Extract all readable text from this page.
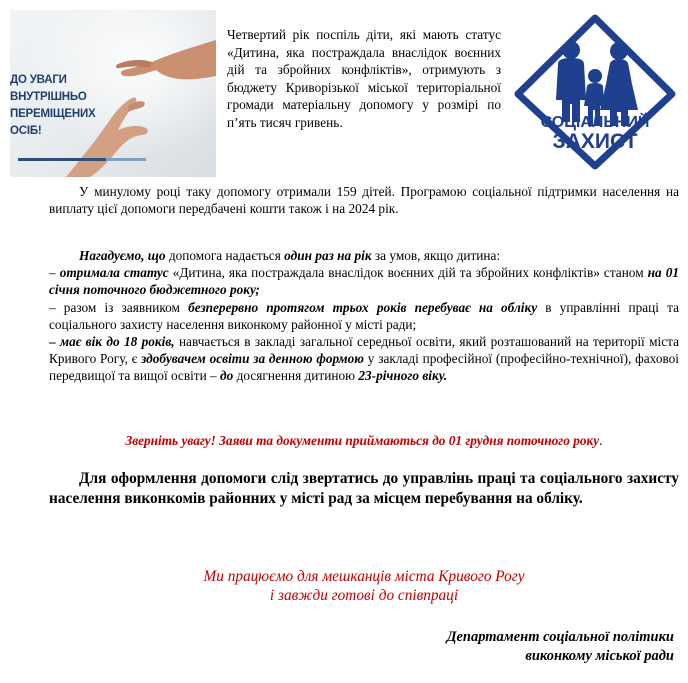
ДО УВАГИ
ВНУТРІШНЬО
ПЕРЕМІЩЕНИХ ОСІБ!
Четвертий рік поспіль діти, які мають статус «Дитина, яка постраждала внаслідок воєнних дій та збройних конфліктів», отримують з бюджету Криворізької міської територіальної громади матеріальну допомогу у розмірі по п’ять тисяч гривень.	СОЦІАЛЬНИЙ
ЗАХИСТ
У минулому році таку допомогу отримали 159 дітей. Програмою соціальної підтримки населення на виплату цієї допомоги передбачені кошти також і на 2024 рік.
Нагадуємо, що допомога надається один раз на рік за умов, якщо дитина:
– отримала статус «Дитина, яка постраждала внаслідок воєнних дій та збройних конфліктів» станом на 01 січня поточного бюджетного року;
– разом із заявником безперервно протягом трьох років перебуває на обліку в управлінні праці та соціального захисту населення виконкому районної у місті ради;
– має вік до 18 років, навчається в закладі загальної середньої освіти, який розташований на території міста Кривого Рогу, є здобувачем освіти за денною формою у закладі професійної (професійно-технічної), фаховоі передвищої та вищої освіти – до досягнення дитиною 23-річного віку.
Зверніть увагу! Заяви та документи приймаються до 01 грудня поточного року.
Для оформлення допомоги слід звертатись до управлінь праці та соціального захисту населення виконкомів районних у місті рад за місцем перебування на обліку.
Ми працюємо для мешканців міста Кривого Рогу
і завжди готові до співпраці
Департамент соціальної політики
виконкому міської ради
